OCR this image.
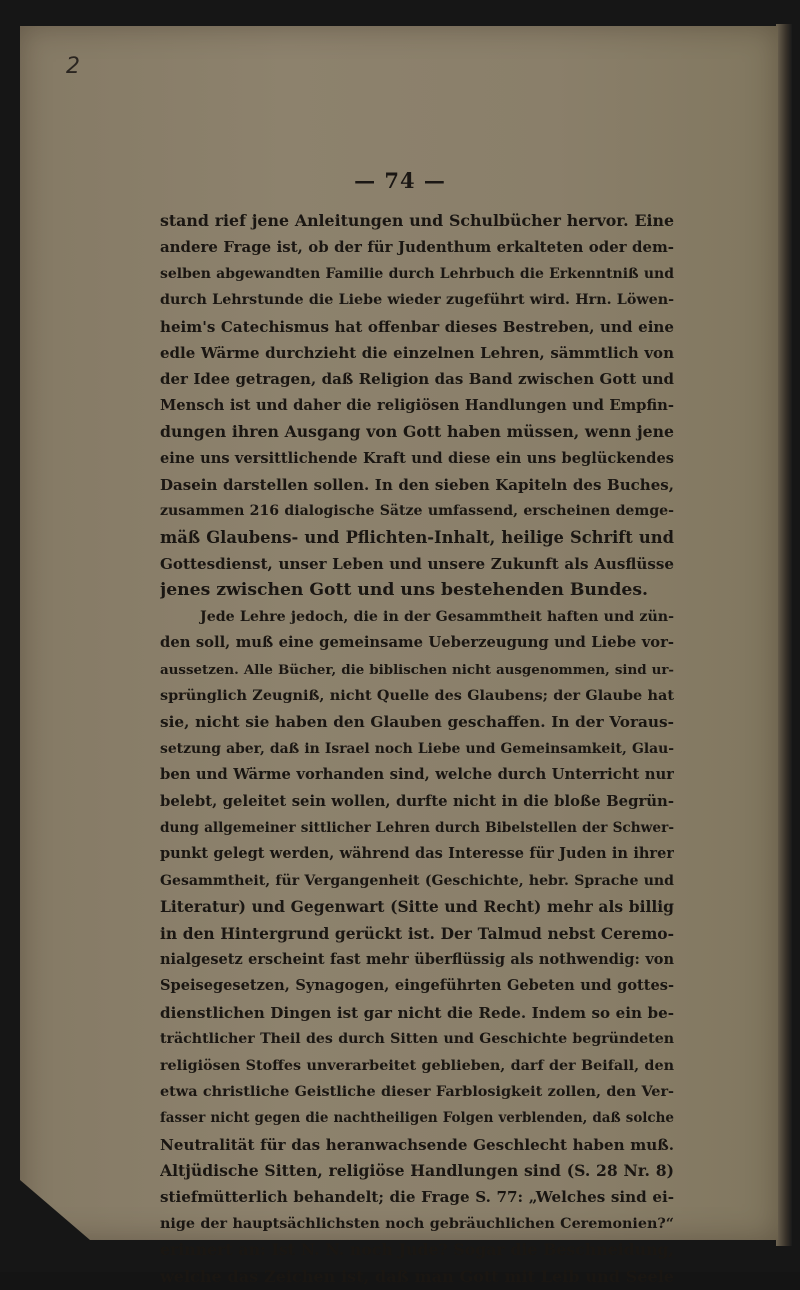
2
— 74 —
stand rief jene Anleitungen und Schulbücher hervor. Eine
andere Frage ist, ob der für Judenthum erkalteten oder dem-
selben abgewandten Familie durch Lehrbuch die Erkenntniß und
durch Lehrstunde die Liebe wieder zugeführt wird. Hrn. Löwen-
heim's Catechismus hat offenbar dieses Bestreben, und eine
edle Wärme durchzieht die einzelnen Lehren, sämmtlich von
der Idee getragen, daß Religion das Band zwischen Gott und
Mensch ist und daher die religiösen Handlungen und Empfin-
dungen ihren Ausgang von Gott haben müssen, wenn jene
eine uns versittlichende Kraft und diese ein uns beglückendes
Dasein darstellen sollen. In den sieben Kapiteln des Buches,
zusammen 216 dialogische Sätze umfassend, erscheinen demge-
mäß Glaubens- und Pflichten-Inhalt, heilige Schrift und
Gottesdienst, unser Leben und unsere Zukunft als Ausflüsse
jenes zwischen Gott und uns bestehenden Bundes.
Jede Lehre jedoch, die in der Gesammtheit haften und zün-
den soll, muß eine gemeinsame Ueberzeugung und Liebe vor-
aussetzen. Alle Bücher, die biblischen nicht ausgenommen, sind ur-
sprünglich Zeugniß, nicht Quelle des Glaubens; der Glaube hat
sie, nicht sie haben den Glauben geschaffen. In der Voraus-
setzung aber, daß in Israel noch Liebe und Gemeinsamkeit, Glau-
ben und Wärme vorhanden sind, welche durch Unterricht nur
belebt, geleitet sein wollen, durfte nicht in die bloße Begrün-
dung allgemeiner sittlicher Lehren durch Bibelstellen der Schwer-
punkt gelegt werden, während das Interesse für Juden in ihrer
Gesammtheit, für Vergangenheit (Geschichte, hebr. Sprache und
Literatur) und Gegenwart (Sitte und Recht) mehr als billig
in den Hintergrund gerückt ist. Der Talmud nebst Ceremo-
nialgesetz erscheint fast mehr überflüssig als nothwendig: von
Speisegesetzen, Synagogen, eingeführten Gebeten und gottes-
dienstlichen Dingen ist gar nicht die Rede. Indem so ein be-
trächtlicher Theil des durch Sitten und Geschichte begründeten
religiösen Stoffes unverarbeitet geblieben, darf der Beifall, den
etwa christliche Geistliche dieser Farblosigkeit zollen, den Ver-
fasser nicht gegen die nachtheiligen Folgen verblenden, daß solche
Neutralität für das heranwachsende Geschlecht haben muß.
Altjüdische Sitten, religiöse Handlungen sind (S. 28 Nr. 8)
stiefmütterlich behandelt; die Frage S. 77: „Welches sind ei-
nige der hauptsächlichsten noch gebräuchlichen Ceremonien?“
erinnert an: Ist N. N. noch Jude? Sogar die Beschneidung,
welche das Zeichen ist, daß man Gott mit Leib und Seele
